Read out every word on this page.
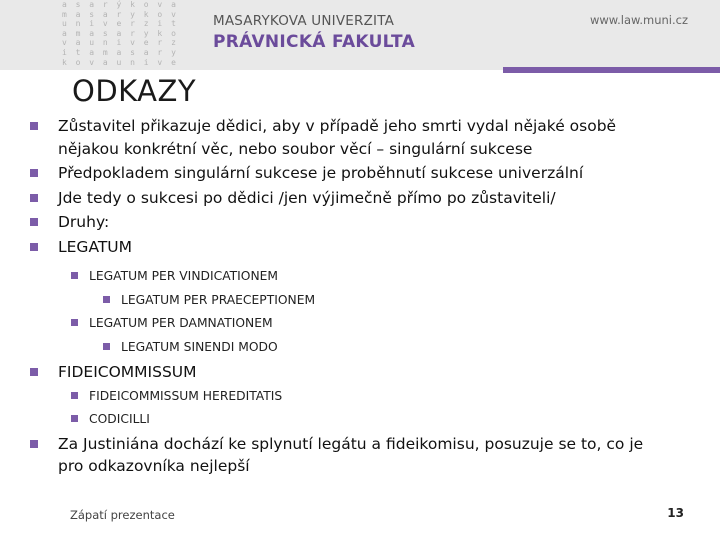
a s a r ý k o v a
m a s a r y k o v
u n i v e r z i t
a m a s a r y k o
v a u n i v e r z
i t a m a s a r y
k o v a u n i v e
MASARYKOVA UNIVERZITA
PRÁVNICKÁ FAKULTA
www.law.muni.cz
ODKAZY
Zůstavitel přikazuje dědici, aby v případě jeho smrti vydal nějaké osobě
nějakou konkrétní věc, nebo soubor věcí – singulární sukcese
Předpokladem singulární sukcese je proběhnutí sukcese univerzální
Jde tedy o sukcesi po dědici /jen výjimečně přímo po zůstaviteli/
Druhy:
LEGATUM
LEGATUM PER VINDICATIONEM
LEGATUM PER PRAECEPTIONEM
LEGATUM PER DAMNATIONEM
LEGATUM SINENDI MODO
FIDEICOMMISSUM
FIDEICOMMISSUM HEREDITATIS
CODICILLI
Za Justiniána dochází ke splynutí legátu a fideikomisu, posuzuje se to, co je
pro odkazovníka nejlepší
Zápatí prezentace	13
